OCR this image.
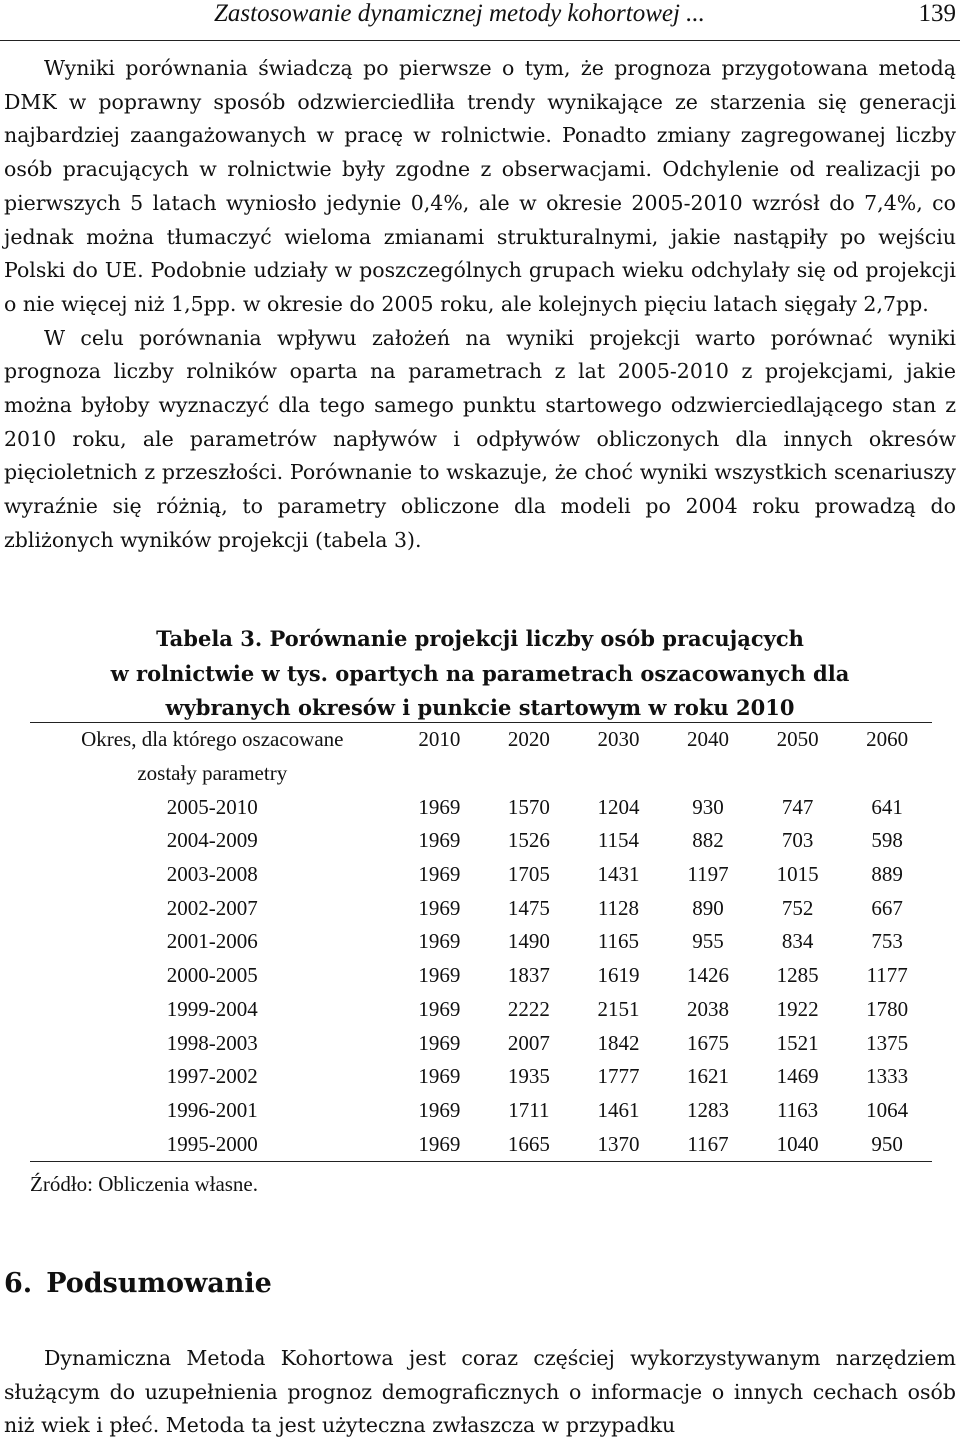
Zastosowanie dynamicznej metody kohortowej ...	139

Wyniki porównania świadczą po pierwsze o tym, że prognoza przygotowana metodą DMK w poprawny sposób odzwierciedliła trendy wynikające ze starzenia się generacji najbardziej zaangażowanych w pracę w rolnictwie. Ponadto zmiany zagregowanej liczby osób pracujących w rolnictwie były zgodne z obserwacjami. Odchylenie od realizacji po pierwszych 5 latach wyniosło jedynie 0,4%, ale w okresie 2005-2010 wzrósł do 7,4%, co jednak można tłumaczyć wieloma zmianami strukturalnymi, jakie nastąpiły po wejściu Polski do UE. Podobnie udziały w poszczególnych grupach wieku odchylały się od projekcji o nie więcej niż 1,5pp. w okresie do 2005 roku, ale kolejnych pięciu latach sięgały 2,7pp.

W celu porównania wpływu założeń na wyniki projekcji warto porównać wyniki prognoza liczby rolników oparta na parametrach z lat 2005-2010 z projekcjami, jakie można byłoby wyznaczyć dla tego samego punktu startowego odzwierciedlającego stan z 2010 roku, ale parametrów napływów i odpływów obliczonych dla innych okresów pięcioletnich z przeszłości. Porównanie to wskazuje, że choć wyniki wszystkich scenariuszy wyraźnie się różnią, to parametry obliczone dla modeli po 2004 roku prowadzą do zbliżonych wyników projekcji (tabela 3).

Tabela 3. Porównanie projekcji liczby osób pracujących
w rolnictwie w tys. opartych na parametrach oszacowanych dla
wybranych okresów i punkcie startowym w roku 2010
Okres, dla którego oszacowane	2010	2020	2030	2040	2050	2060
zostały parametry						
2005-2010	1969	1570	1204	930	747	641
2004-2009	1969	1526	1154	882	703	598
2003-2008	1969	1705	1431	1197	1015	889
2002-2007	1969	1475	1128	890	752	667
2001-2006	1969	1490	1165	955	834	753
2000-2005	1969	1837	1619	1426	1285	1177
1999-2004	1969	2222	2151	2038	1922	1780
1998-2003	1969	2007	1842	1675	1521	1375
1997-2002	1969	1935	1777	1621	1469	1333
1996-2001	1969	1711	1461	1283	1163	1064
1995-2000	1969	1665	1370	1167	1040	950
Źródło: Obliczenia własne.
6. Podsumowanie

Dynamiczna Metoda Kohortowa jest coraz częściej wykorzystywanym narzędziem służącym do uzupełnienia prognoz demograficznych o informacje o innych cechach osób niż wiek i płeć. Metoda ta jest użyteczna zwłaszcza w przypadku
